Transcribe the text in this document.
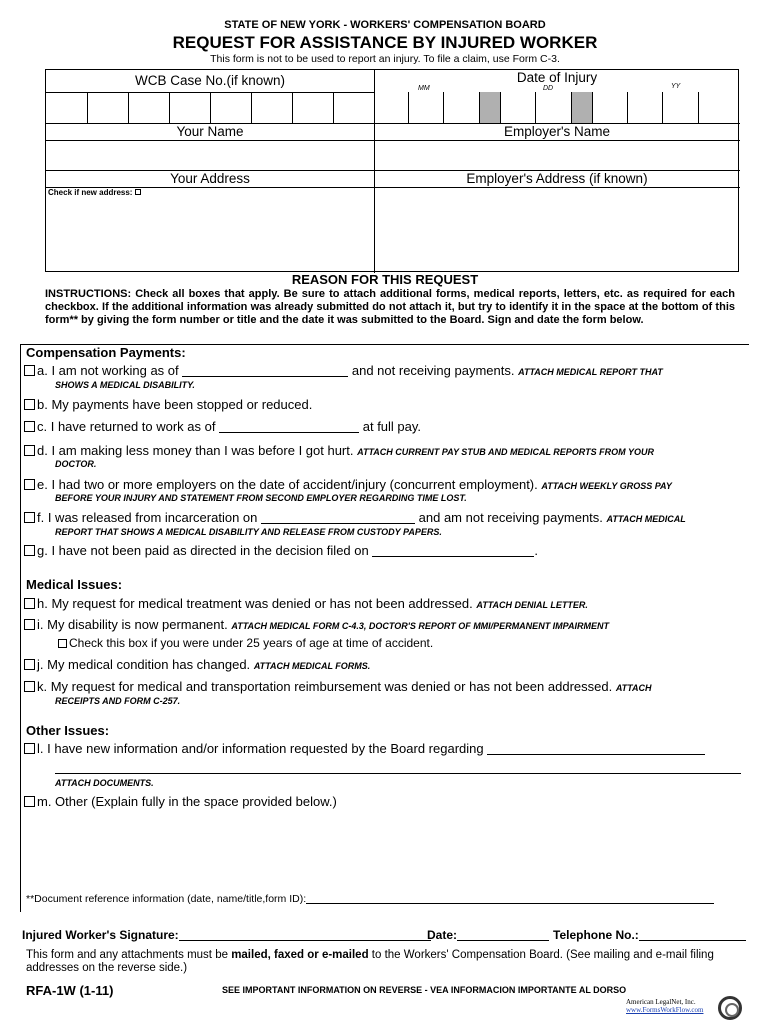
STATE OF NEW YORK - WORKERS' COMPENSATION BOARD
REQUEST FOR ASSISTANCE BY INJURED WORKER
This form is not to be used to report an injury. To file a claim, use Form C-3.
WCB Case No.(if known)	Date of Injury
MM	DD	YY
Your Name	Employer's Name
Your Address	Employer's Address (if known)
Check if new address:
REASON FOR THIS REQUEST
INSTRUCTIONS: Check all boxes that apply. Be sure to attach additional forms, medical reports, letters, etc. as required for each checkbox. If the additional information was already submitted do not attach it, but try to identify it in the space at the bottom of this form** by giving the form number or title and the date it was submitted to the Board. Sign and date the form below.
Compensation Payments:
a. I am not working as of	and not receiving payments. ATTACH MEDICAL REPORT THAT
SHOWS A MEDICAL DISABILITY.
b. My payments have been stopped or reduced.
c. I have returned to work as of	at full pay.
d. I am making less money than I was before I got hurt. ATTACH CURRENT PAY STUB AND MEDICAL REPORTS FROM YOUR
DOCTOR.
e. I had two or more employers on the date of accident/injury (concurrent employment). ATTACH WEEKLY GROSS PAY
BEFORE YOUR INJURY AND STATEMENT FROM SECOND EMPLOYER REGARDING TIME LOST.
f. I was released from incarceration on	and am not receiving payments. ATTACH MEDICAL
REPORT THAT SHOWS A MEDICAL DISABILITY AND RELEASE FROM CUSTODY PAPERS.
g. I have not been paid as directed in the decision filed on	.
Medical Issues:
h. My request for medical treatment was denied or has not been addressed. ATTACH DENIAL LETTER.
i. My disability is now permanent. ATTACH MEDICAL FORM C-4.3, DOCTOR'S REPORT OF MMI/PERMANENT IMPAIRMENT
Check this box if you were under 25 years of age at time of accident.
j. My medical condition has changed. ATTACH MEDICAL FORMS.
k. My request for medical and transportation reimbursement was denied or has not been addressed. ATTACH
RECEIPTS AND FORM C-257.
Other Issues:
l. I have new information and/or information requested by the Board regarding
ATTACH DOCUMENTS.
m. Other (Explain fully in the space provided below.)
**Document reference information (date, name/title,form ID):
Injured Worker's Signature:	Date:	Telephone No.:
This form and any attachments must be mailed, faxed or e-mailed to the Workers' Compensation Board. (See mailing and e-mail filing addresses on the reverse side.)
RFA-1W (1-11)	SEE IMPORTANT INFORMATION ON REVERSE - VEA INFORMACION IMPORTANTE AL DORSO
American LegalNet, Inc.
www.FormsWorkFlow.com
